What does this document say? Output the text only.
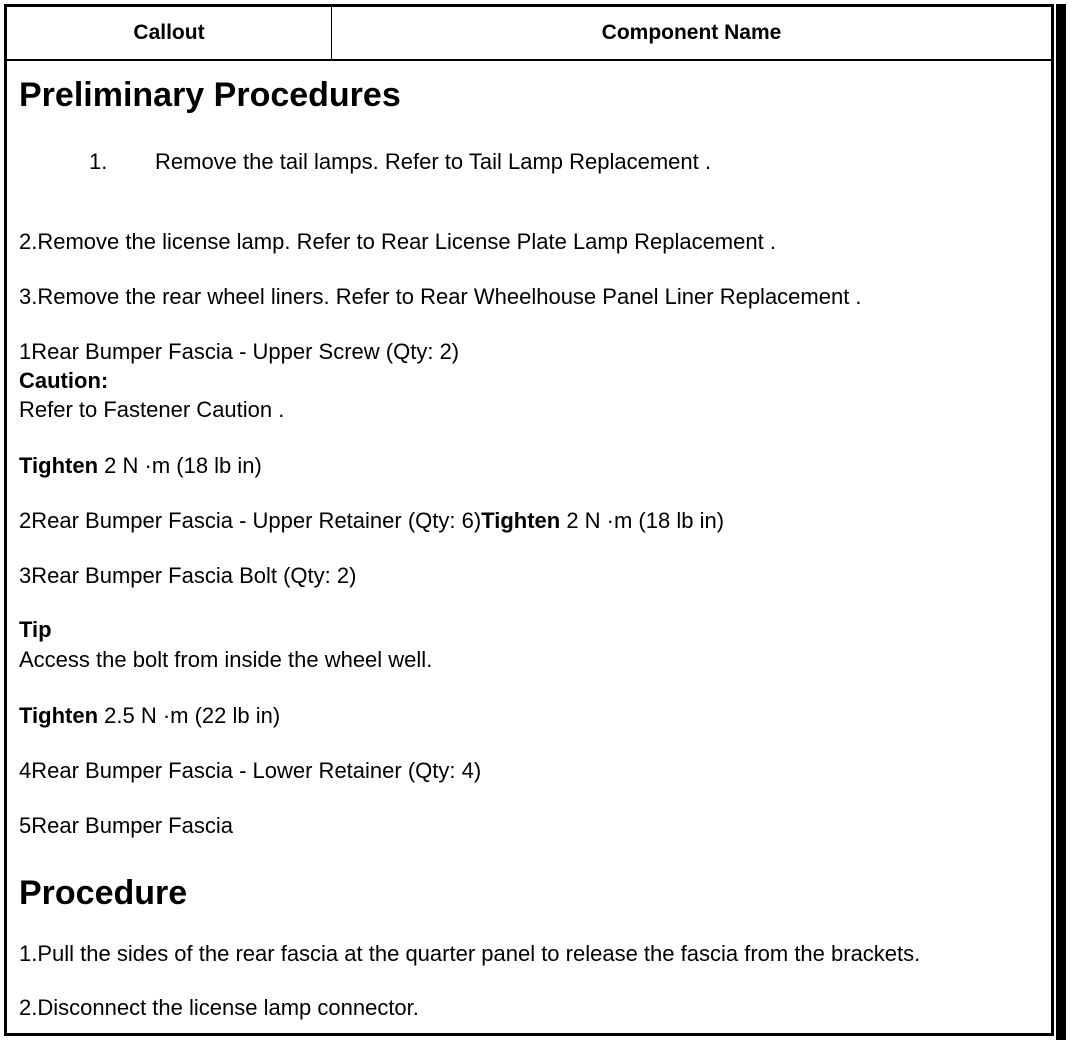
Callout	Component Name
Preliminary Procedures
1. Remove the tail lamps. Refer to Tail Lamp Replacement .
2.Remove the license lamp. Refer to Rear License Plate Lamp Replacement .
3.Remove the rear wheel liners. Refer to Rear Wheelhouse Panel Liner Replacement .
1Rear Bumper Fascia - Upper Screw (Qty: 2)
Caution:
Refer to Fastener Caution .
Tighten 2 N ·m (18 lb in)
2Rear Bumper Fascia - Upper Retainer (Qty: 6)Tighten 2 N ·m (18 lb in)
3Rear Bumper Fascia Bolt (Qty: 2)
Tip
Access the bolt from inside the wheel well.
Tighten 2.5 N ·m (22 lb in)
4Rear Bumper Fascia - Lower Retainer (Qty: 4)
5Rear Bumper Fascia
Procedure
1.Pull the sides of the rear fascia at the quarter panel to release the fascia from the brackets.
2.Disconnect the license lamp connector.
